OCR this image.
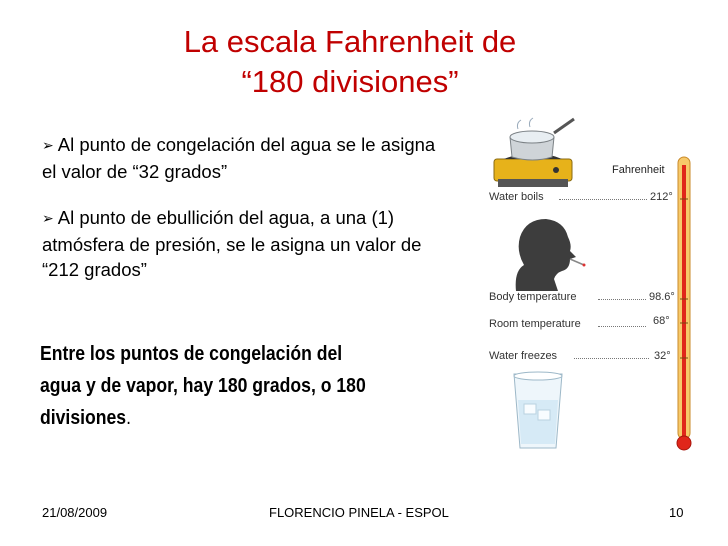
La escala Fahrenheit de
“180 divisiones”
➢ Al punto de congelación del agua se le asigna el valor de “32 grados”
➢ Al punto de ebullición del agua, a una (1) atmósfera de presión, se le asigna un valor de “212 grados”
Entre los puntos de congelación del agua y de vapor, hay 180 grados, o 180 divisiones.
Fahrenheit
Water boils	212°
Body temperature	98.6°
Room temperature	68°
Water freezes	32°
21/08/2009	FLORENCIO PINELA - ESPOL	10
